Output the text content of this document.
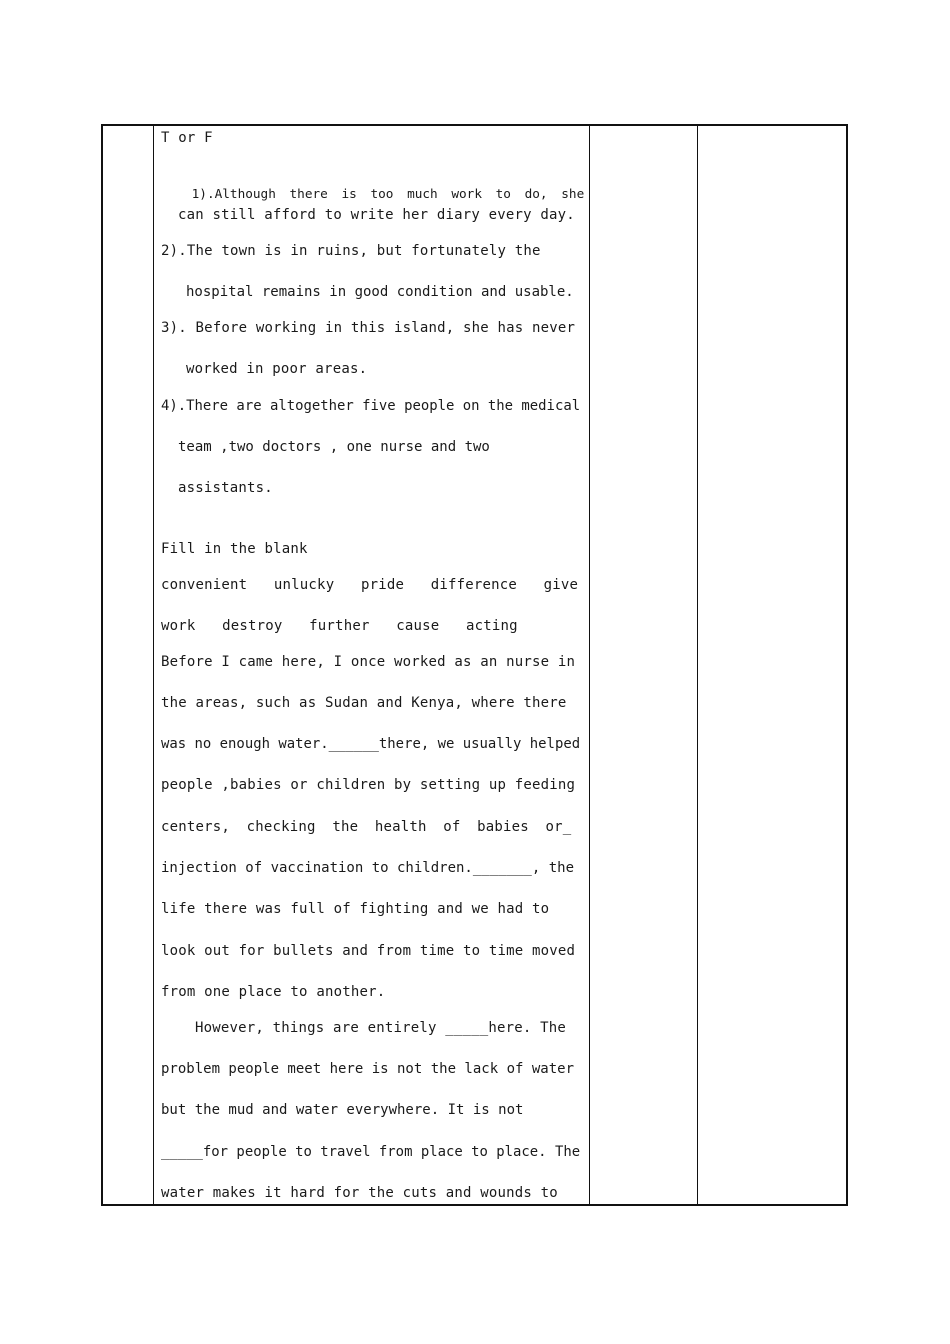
T or F

1).Although there is too much work to do, she

can still afford to write her diary every day.
2).The town is in ruins, but fortunately the
hospital remains in good condition and usable.
3). Before working in this island, she has never
worked in poor areas.
4).There are altogether five people on the medical
team ,two doctors , one nurse and two
assistants.
Fill in the blank
convenient unlucky pride difference give
work destroy further cause acting
Before I came here, I once worked as an nurse in
the areas, such as Sudan and Kenya, where there
was no enough water.______there, we usually helped
people ,babies or children by setting up feeding
centers, checking the health of babies or_
injection of vaccination to children._______, the
life there was full of fighting and we had to
look out for bullets and from time to time moved
from one place to another.
However, things are entirely _____here. The
problem people meet here is not the lack of water
but the mud and water everywhere. It is not
_____for people to travel from place to place. The
water makes it hard for the cuts and wounds to
